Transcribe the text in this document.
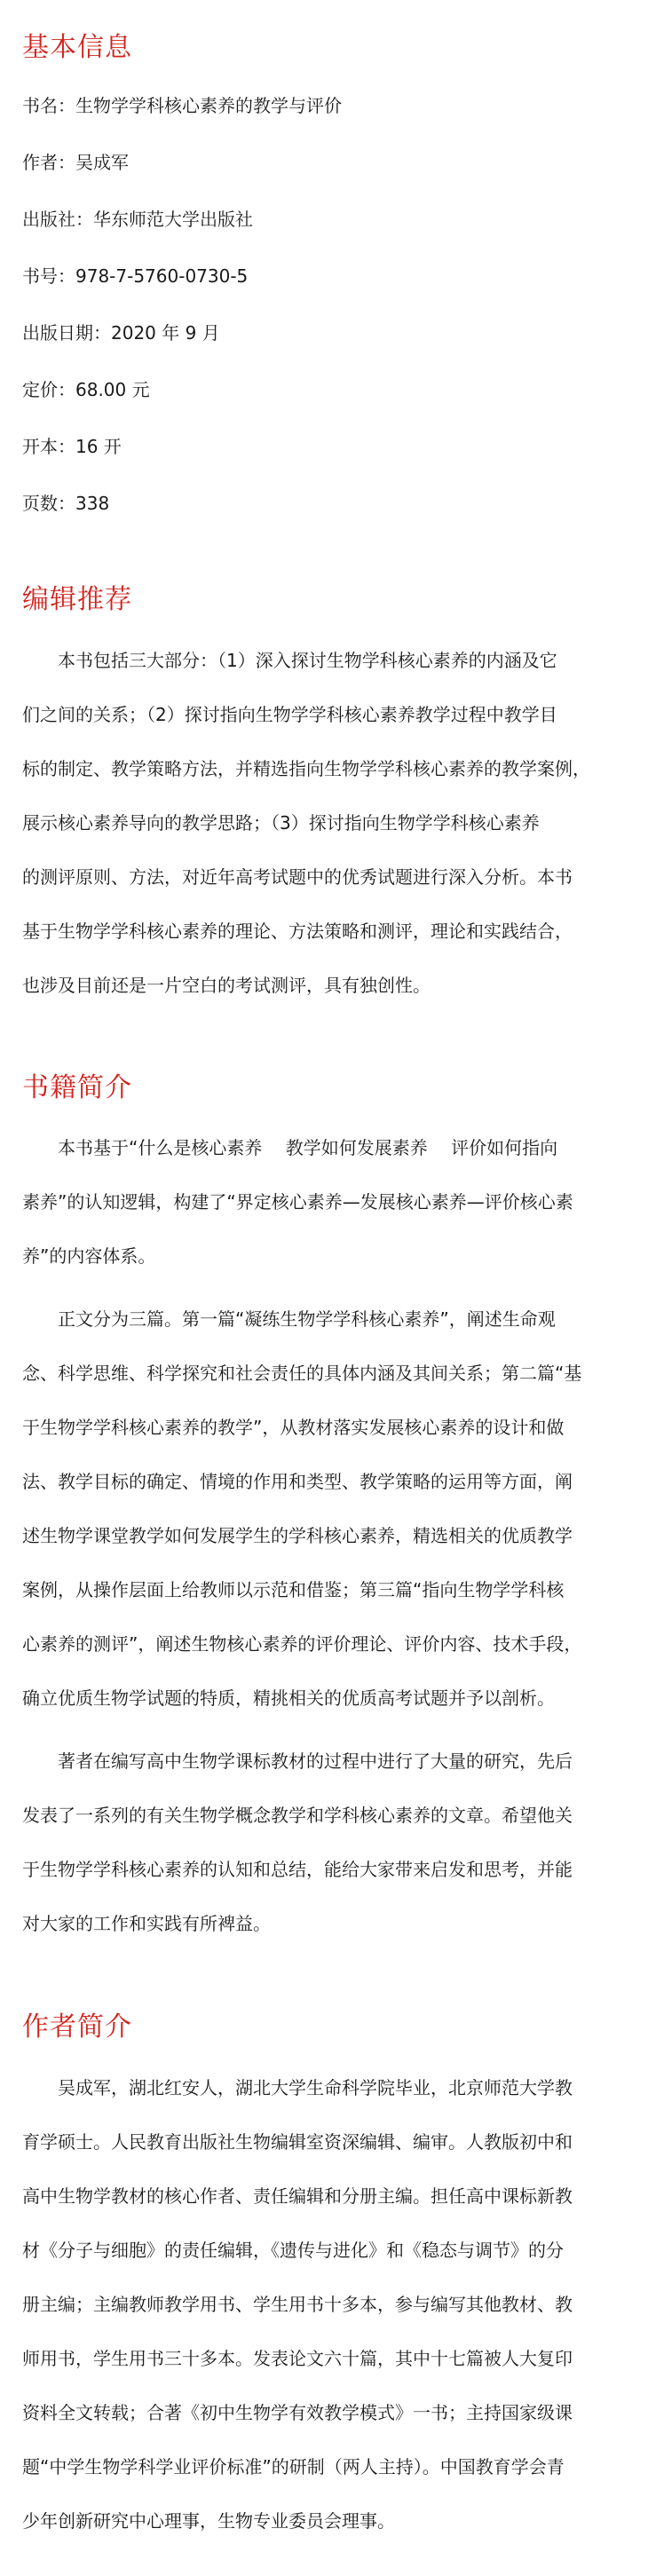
基本信息

书名：生物学学科核心素养的教学与评价

作者：吴成军

出版社：华东师范大学出版社

书号：978-7-5760-0730-5

出版日期：2020 年 9 月

定价：68.00 元

开本：16 开

页数：338

编辑推荐

本书包括三大部分：（1）深入探讨生物学科核心素养的内涵及它

们之间的关系；（2）探讨指向生物学学科核心素养教学过程中教学目

标的制定、教学策略方法，并精选指向生物学学科核心素养的教学案例，

展示核心素养导向的教学思路；（3）探讨指向生物学学科核心素养

的测评原则、方法，对近年高考试题中的优秀试题进行深入分析。本书

基于生物学学科核心素养的理论、方法策略和测评，理论和实践结合，

也涉及目前还是一片空白的考试测评，具有独创性。

书籍简介

本书基于“什么是核心素养　 教学如何发展素养　 评价如何指向

素养”的认知逻辑，构建了“界定核心素养—发展核心素养—评价核心素

养”的内容体系。

正文分为三篇。第一篇“凝练生物学学科核心素养”，阐述生命观

念、科学思维、科学探究和社会责任的具体内涵及其间关系；第二篇“基

于生物学学科核心素养的教学”，从教材落实发展核心素养的设计和做

法、教学目标的确定、情境的作用和类型、教学策略的运用等方面，阐

述生物学课堂教学如何发展学生的学科核心素养，精选相关的优质教学

案例，从操作层面上给教师以示范和借鉴；第三篇“指向生物学学科核

心素养的测评”，阐述生物核心素养的评价理论、评价内容、技术手段，

确立优质生物学试题的特质，精挑相关的优质高考试题并予以剖析。

著者在编写高中生物学课标教材的过程中进行了大量的研究，先后

发表了一系列的有关生物学概念教学和学科核心素养的文章。希望他关

于生物学学科核心素养的认知和总结，能给大家带来启发和思考，并能

对大家的工作和实践有所裨益。

作者简介

吴成军，湖北红安人，湖北大学生命科学院毕业，北京师范大学教

育学硕士。人民教育出版社生物编辑室资深编辑、编审。人教版初中和

高中生物学教材的核心作者、责任编辑和分册主编。担任高中课标新教

材《分子与细胞》的责任编辑，《遗传与进化》和《稳态与调节》的分

册主编；主编教师教学用书、学生用书十多本，参与编写其他教材、教

师用书，学生用书三十多本。发表论文六十篇，其中十七篇被人大复印

资料全文转载；合著《初中生物学有效教学模式》一书；主持国家级课

题“中学生物学科学业评价标准”的研制（两人主持）。中国教育学会青

少年创新研究中心理事，生物专业委员会理事。
